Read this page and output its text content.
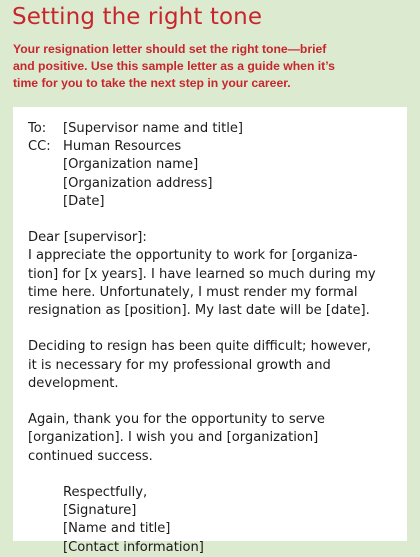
Setting the right tone
Your resignation letter should set the right tone—brief
and positive. Use this sample letter as a guide when it’s
time for you to take the next step in your career.
To:	[Supervisor name and title]
CC: Human Resources
[Organization name]
[Organization address]
[Date]
Dear [supervisor]:
I appreciate the opportunity to work for [organiza-
tion] for [x years]. I have learned so much during my
time here. Unfortunately, I must render my formal
resignation as [position]. My last date will be [date].
Deciding to resign has been quite difficult; however,
it is necessary for my professional growth and
development.
Again, thank you for the opportunity to serve
[organization]. I wish you and [organization]
continued success.
Respectfully,
[Signature]
[Name and title]
[Contact information]
